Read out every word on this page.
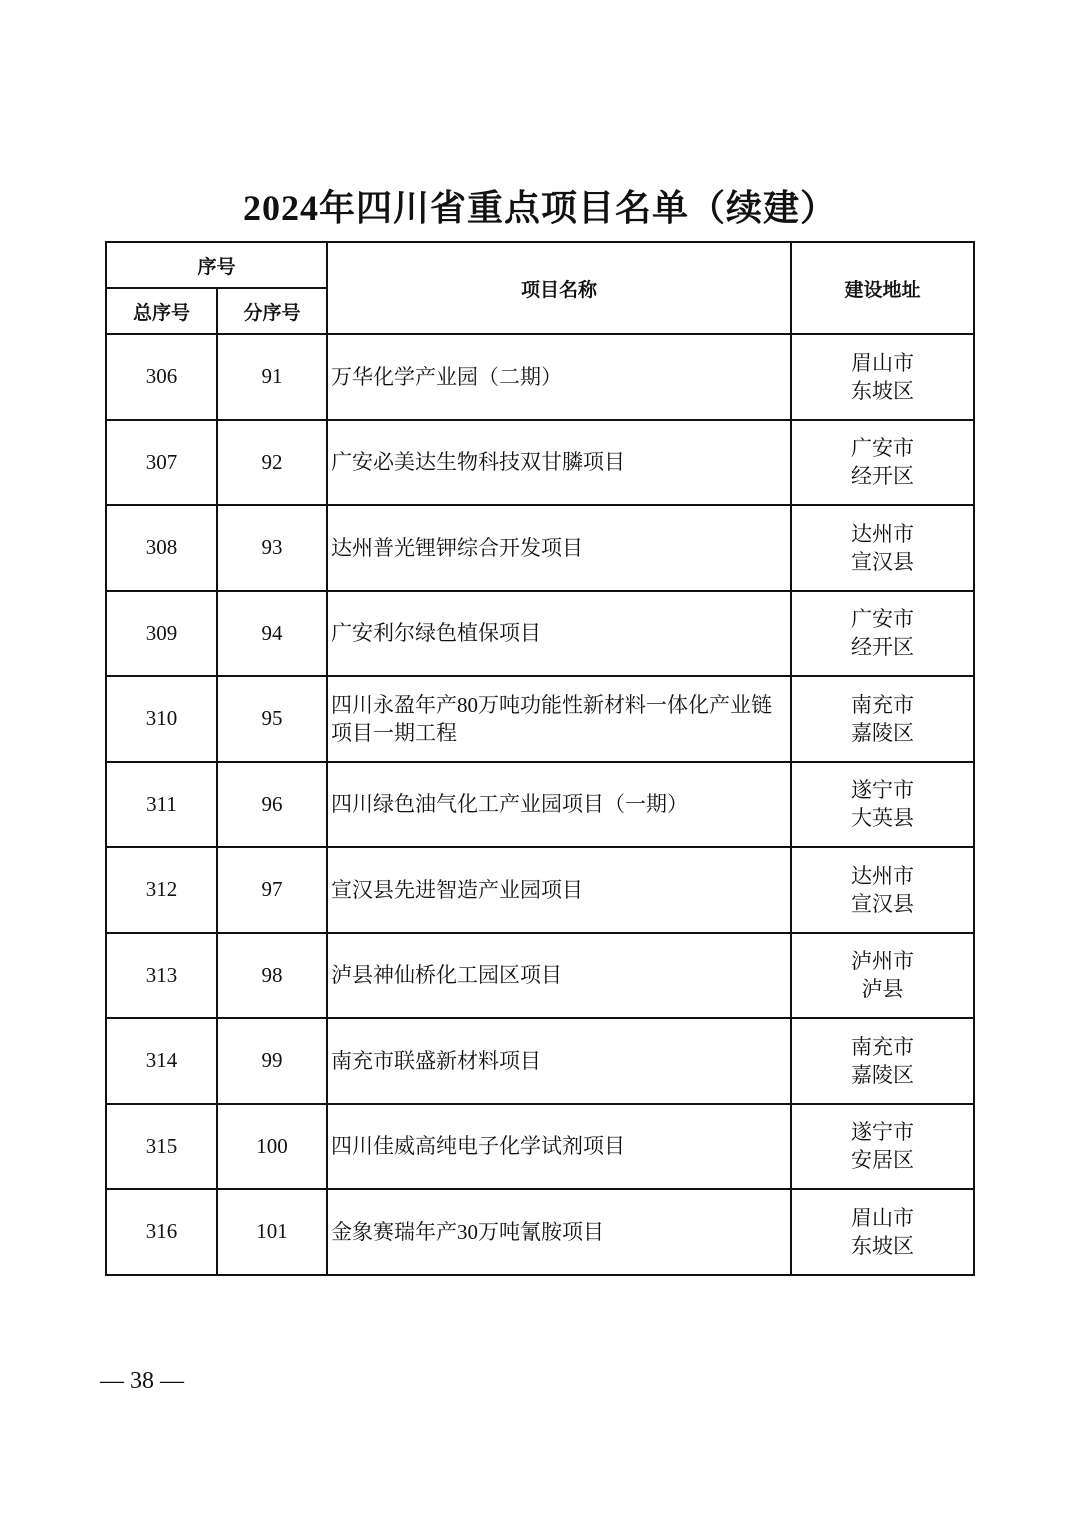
2024年四川省重点项目名单（续建）
序号		项目名称	建设地址
总序号	分序号		
306	91	万华化学产业园（二期）	眉山市
东坡区

307	92	广安必美达生物科技双甘膦项目	广安市
经开区

308	93	达州普光锂钾综合开发项目	达州市
宣汉县

309	94	广安利尔绿色植保项目	广安市
经开区

310	95	四川永盈年产80万吨功能性新材料一体化产业链项目一期工程	南充市
嘉陵区

311	96	四川绿色油气化工产业园项目（一期）	遂宁市
大英县

312	97	宣汉县先进智造产业园项目	达州市
宣汉县

313	98	泸县神仙桥化工园区项目	泸州市
泸县

314	99	南充市联盛新材料项目	南充市
嘉陵区

315	100	四川佳威高纯电子化学试剂项目	遂宁市
安居区

316	101	金象赛瑞年产30万吨氰胺项目	眉山市
东坡区
— 38 —
